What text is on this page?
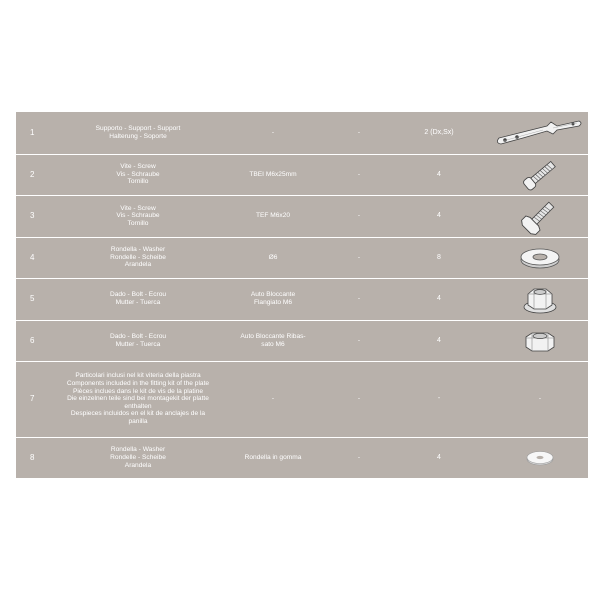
1	Supporto - Support - Support
Halterung - Soporte	-	-	2 (Dx,Sx)	

2	Vite - Screw
Vis - Schraube
Tornillo	TBEI M6x25mm	-	4	

3	Vite - Screw
Vis - Schraube
Tornillo	TEF M6x20	-	4	

4	Rondella - Washer
Rondelle - Scheibe
Arandela	Ø6	-	8	

5	Dado - Bolt - Ecrou
Mutter - Tuerca	Auto Bloccante
Flangiato M6	-	4	

6	Dado - Bolt - Ecrou
Mutter - Tuerca	Auto Bloccante Ribas-
sato M6	-	4	

7	Particolari inclusi nel kit viteria della piastra
Components included in the fitting kit of the plate
Pièces inclues dans le kit de vis de la platine
Die einzelnen teile sind bei montagekit der platte enthalten
Despieces incluidos en el kit de anclajes de la panilla	-	-	-	-
8	Rondella - Washer
Rondelle - Scheibe
Arandela	Rondella in gomma	-	4	
